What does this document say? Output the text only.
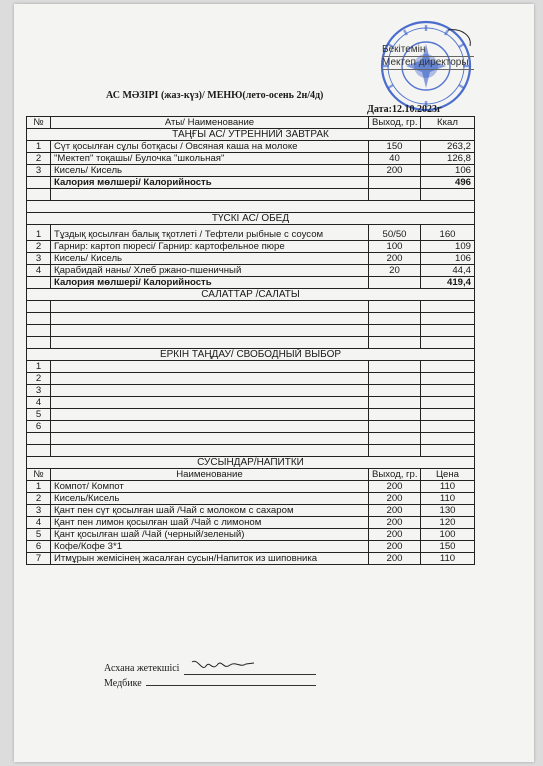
Бекітемін
Мектеп директоры
АС МӘЗІРІ (жаз-күз)/ МЕНЮ(лето-осень 2н/4д)
Дата:12.10.2023г
№	Аты/ Наименование	Выход, гр.	Ккал
ТАҢҒЫ АС/ УТРЕННИЙ ЗАВТРАК			
1	Сүт қосылған сұлы ботқасы / Овсяная каша на молоке	150	263,2
2	"Мектеп" тоқашы/ Булочка "школьная"	40	126,8
3	Кисель/ Кисель	200	106
	Калория мөлшері/ Калорийность		496

ТҮСКІ АС/ ОБЕД			
1	Тұздық қосылған балық тқотлеті / Тефтели рыбные с соусом	50/50	160
2	Гарнир: картоп пюресі/ Гарнир: картофельное пюре	100	109
3	Кисель/ Кисель	200	106
4	Қарабидай наны/ Хлеб ржано-пшеничный	20	44,4
	Калория мөлшері/ Калорийность		419,4
САЛАТТАР /САЛАТЫ			

ЕРКІН ТАҢДАУ/ СВОБОДНЫЙ ВЫБОР			
1			
2			
3			
4			
5			
6			

СУСЫНДАР/НАПИТКИ			
№	Наименование	Выход, гр.	Цена
1	Компот/ Компот	200	110
2	Кисель/Кисель	200	110
3	Қант пен сүт қосылған шай /Чай с молоком с сахаром	200	130
4	Қант пен лимон қосылған шай /Чай с лимоном	200	120
5	Қант қосылған шай /Чай (черный/зеленый)	200	100
6	Кофе/Кофе 3*1	200	150
7	Итмұрын жемісінең жасалған сусын/Напиток из шиповника	200	110
Асхана жетекшісі
Медбике
